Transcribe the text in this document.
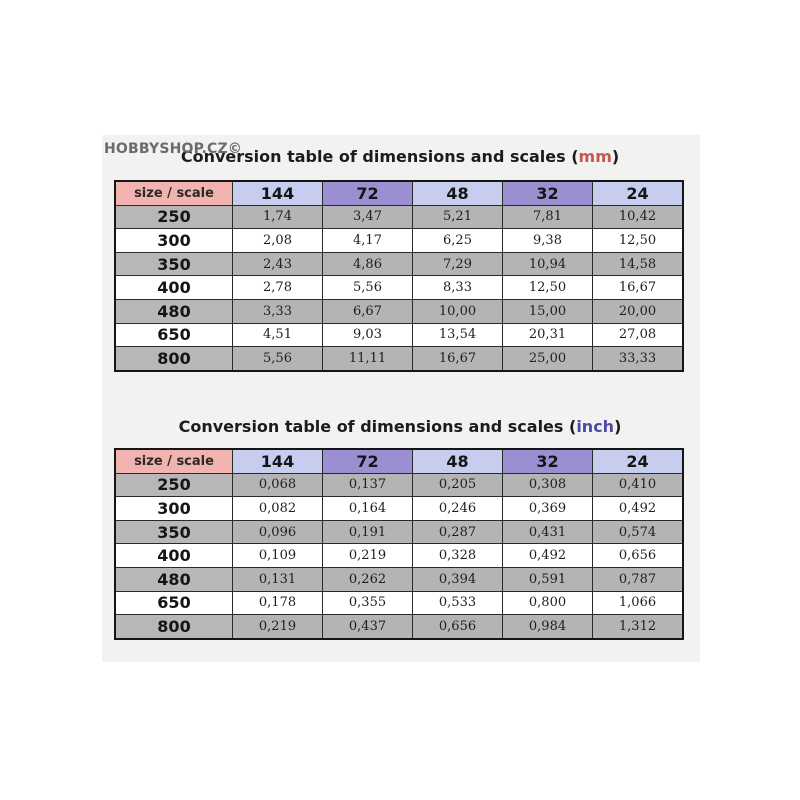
HOBBYSHOP.CZ©
Conversion table of dimensions and scales (mm)
size / scale	144	72	48	32	24
250	1,74	3,47	5,21	7,81	10,42
300	2,08	4,17	6,25	9,38	12,50
350	2,43	4,86	7,29	10,94	14,58
400	2,78	5,56	8,33	12,50	16,67
480	3,33	6,67	10,00	15,00	20,00
650	4,51	9,03	13,54	20,31	27,08
800	5,56	11,11	16,67	25,00	33,33
Conversion table of dimensions and scales (inch)
size / scale	144	72	48	32	24
250	0,068	0,137	0,205	0,308	0,410
300	0,082	0,164	0,246	0,369	0,492
350	0,096	0,191	0,287	0,431	0,574
400	0,109	0,219	0,328	0,492	0,656
480	0,131	0,262	0,394	0,591	0,787
650	0,178	0,355	0,533	0,800	1,066
800	0,219	0,437	0,656	0,984	1,312
